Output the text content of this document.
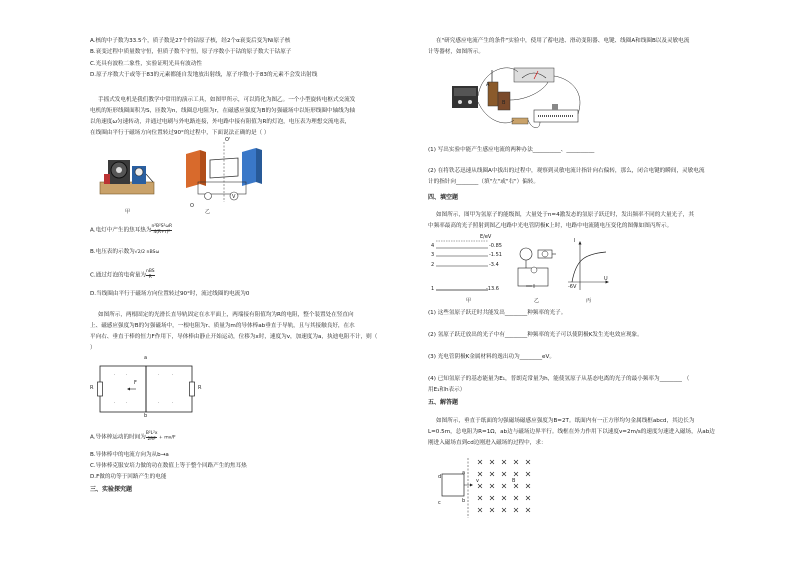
A.核的中子数为33.5个，质子数是27个的钴原子核，经2个α衰变后变为Ni原子核
B.衰变过程中质量数守恒，但质子数不守恒，原子序数小于钴的原子数大于钴原子
C.光具有波粒二象性，实验证明光具有波动性
D.原子序数大于或等于83的元素都能自发地放出射线，原子序数小于83的元素不会发出射线
手摇式发电机是我们教学中常用的演示工具，如图甲所示，可以简化为图乙。一个小型旋转电枢式交流发
电机的矩形线圈面积为S，匝数为n，线圈总电阻为r，在磁感应强度为B的匀强磁场中以矩形线圈中轴线为轴
以角速度ω匀速转动，并通过电刷与外电路连接，外电路中接有阻值为R的灯泡，电压表为理想交流电表，
在线圈由平行于磁场方向位置转过90°的过程中，下面说法正确的是（ ）
甲
O'
O
V
乙
A.电灯中产生的焦耳热为 $\frac{\text{n²B²S²ωR}}{\text{4(R+r)²}}$
B.电压表的示数为√2/2 nBSω
C.通过灯泡的电荷量为 $\frac{\text{nBS}}{R}$
D.当线圈由平行于磁场方向位置转过90°时，流过线圈的电流为0
如图所示，两根固定的光滑长直导轨固定在水平面上，两端接有阻值均为R的电阻，整个装置处在竖直向
上、磁感应强度为B的匀强磁场中，一根电阻为r、质量为m的导体棒ab垂直于导轨，且与其接触良好，在水
平向右、垂直于棒的恒力F作用下，导体棒由静止开始运动，位移为x时，速度为v，加速度为a，执迪电阻不计，则（
）
·	·	·	·
·	·	·	·
a
b
R	R
F
A.导体棒运动的时间为 $\frac{\text{B²L²x}}{2RF} + mv/F$
B.导体棒中的电流方向为从b→a
C.导体棒克服安培力做的功在数值上等于整个回路产生的焦耳热
D.F做的功等于回路产生的电能
三、实验探究题
在"研究感应电流产生的条件"实验中，使用了蓄电池、滑动变阻器、电键、线圈A和线圈B以及灵敏电流
计等器材，如图所示。
A
B
(1) 写出实验中能产生感应电流的两种办法__________、__________
(2) 在将铁芯迅速从线圈A中拔出的过程中，观察到灵敏电流计指针向右偏转，那么，闭合电键的瞬间，灵敏电流
计的指针向________（填"左"或"右"）偏转。
四、填空题
如图所示，图甲为氢原子的能级图，大量处于n=4激发态的氢原子跃迁时，发出频率不同的大量光子，其
中频率最高的光子照射到图乙电路中光电管阴极K上时，电路中电流随电压变化的图像如图丙所示。
4	-0.85
3	-1.51
2	-3.4
1	-13.6
E/eV
I
U
-6V
甲	乙	丙
(1) 这些氢原子跃迁时共能发出________种频率的光子。
(2) 氢原子跃迁放出的光子中有________种频率的光子可以使阴极K发生光电效应现象。
(3) 光电管阴极K金属材料的逸出功为________eV。
(4) 已知氢原子的基态能量为E₁，普朗克常量为h，能使氢原子从基态电离的光子的最小频率为________ （
用E₁和h表示）
五、解答题
如图所示，垂直于纸面的匀强磁场磁感应强度为B=2T。纸面内有一正方形均匀金属线框abcd，其边长为
L=0.5m，总电阻为R=1Ω，ab边与磁场边界平行。线框在外力作用下以速度v=2m/s的速度匀速进入磁场，从ab边
刚进入磁场直到cd边刚进入磁场的过程中，求：
d
c
a
b
v	B
